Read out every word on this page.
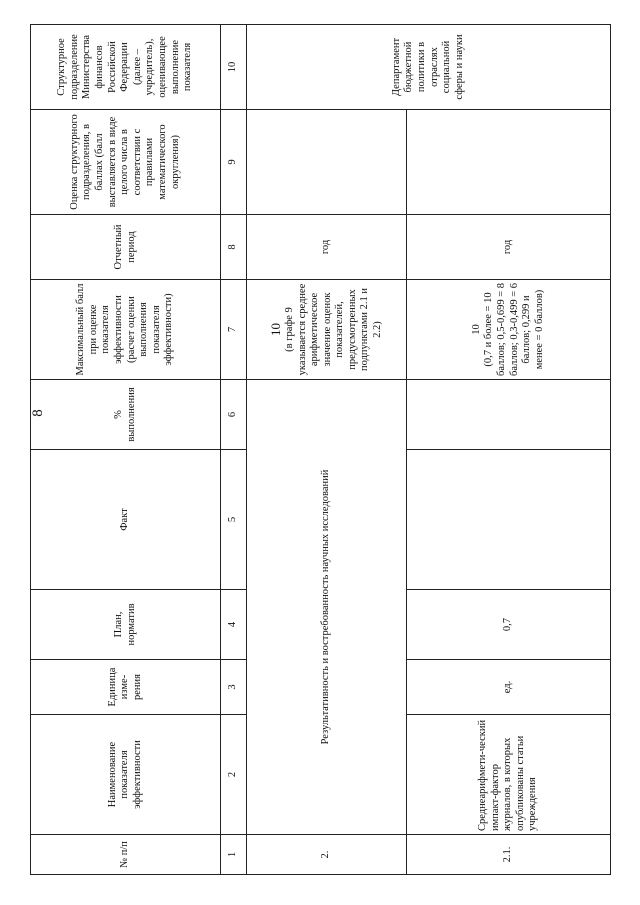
8
№ п/п	Наименование показателя эффективности	Единица изме-рения	План, норматив	Факт	% выполнения	Максимальный балл при оценке показателя эффективности (расчет оценки выполнения показателя эффективности)	Отчетный период	Оценка структурного подразделения, в баллах (балл выставляется в виде целого числа в соответствии с правилами математического округления)	Структурное подразделение Министерства финансов Российской Федерации (далее – учредитель), оценивающее выполнение показателя
1	2	3	4	5	6	7	8	9	10
2.	Результативность и востребованность научных исследований					10 (в графе 9 указывается среднее арифметическое значение оценок показателей, предусмотренных подпунктами 2.1 и 2.2)	год		Департамент бюджетной политики в отраслях социальной сферы и науки
2.1.	Среднеарифмети-ческий импакт-фактор журналов, в которых опубликованы статьи учреждения	ед.	0,7			10 (0,7 и более = 10 баллов; 0,5-0,699 = 8 баллов; 0,3-0,499 = 6 баллов; 0,299 и менее = 0 баллов)	год		
